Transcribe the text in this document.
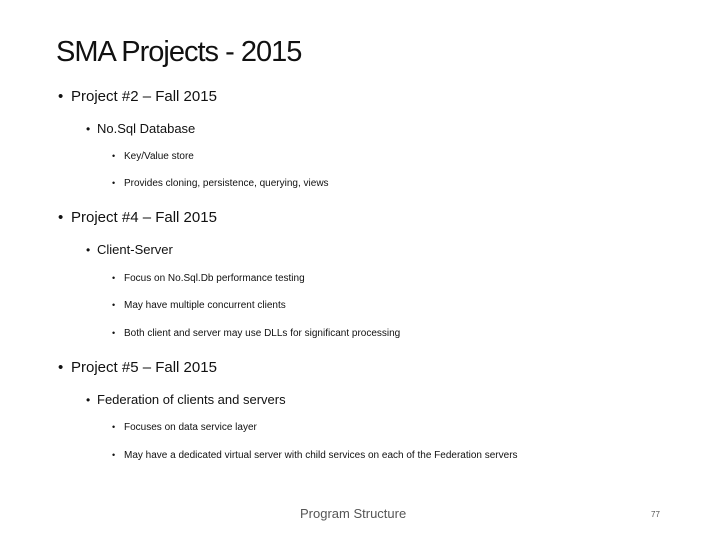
SMA Projects - 2015
• Project #2 – Fall 2015
• No.Sql Database
• Key/Value store
• Provides cloning, persistence, querying, views
• Project #4 – Fall 2015
• Client-Server
• Focus on No.Sql.Db performance testing
• May have multiple concurrent clients
• Both client and server may use DLLs for significant processing
• Project #5 – Fall 2015
• Federation of clients and servers
• Focuses on data service layer
• May have a dedicated virtual server with child services on each of the Federation servers
Program Structure	77
